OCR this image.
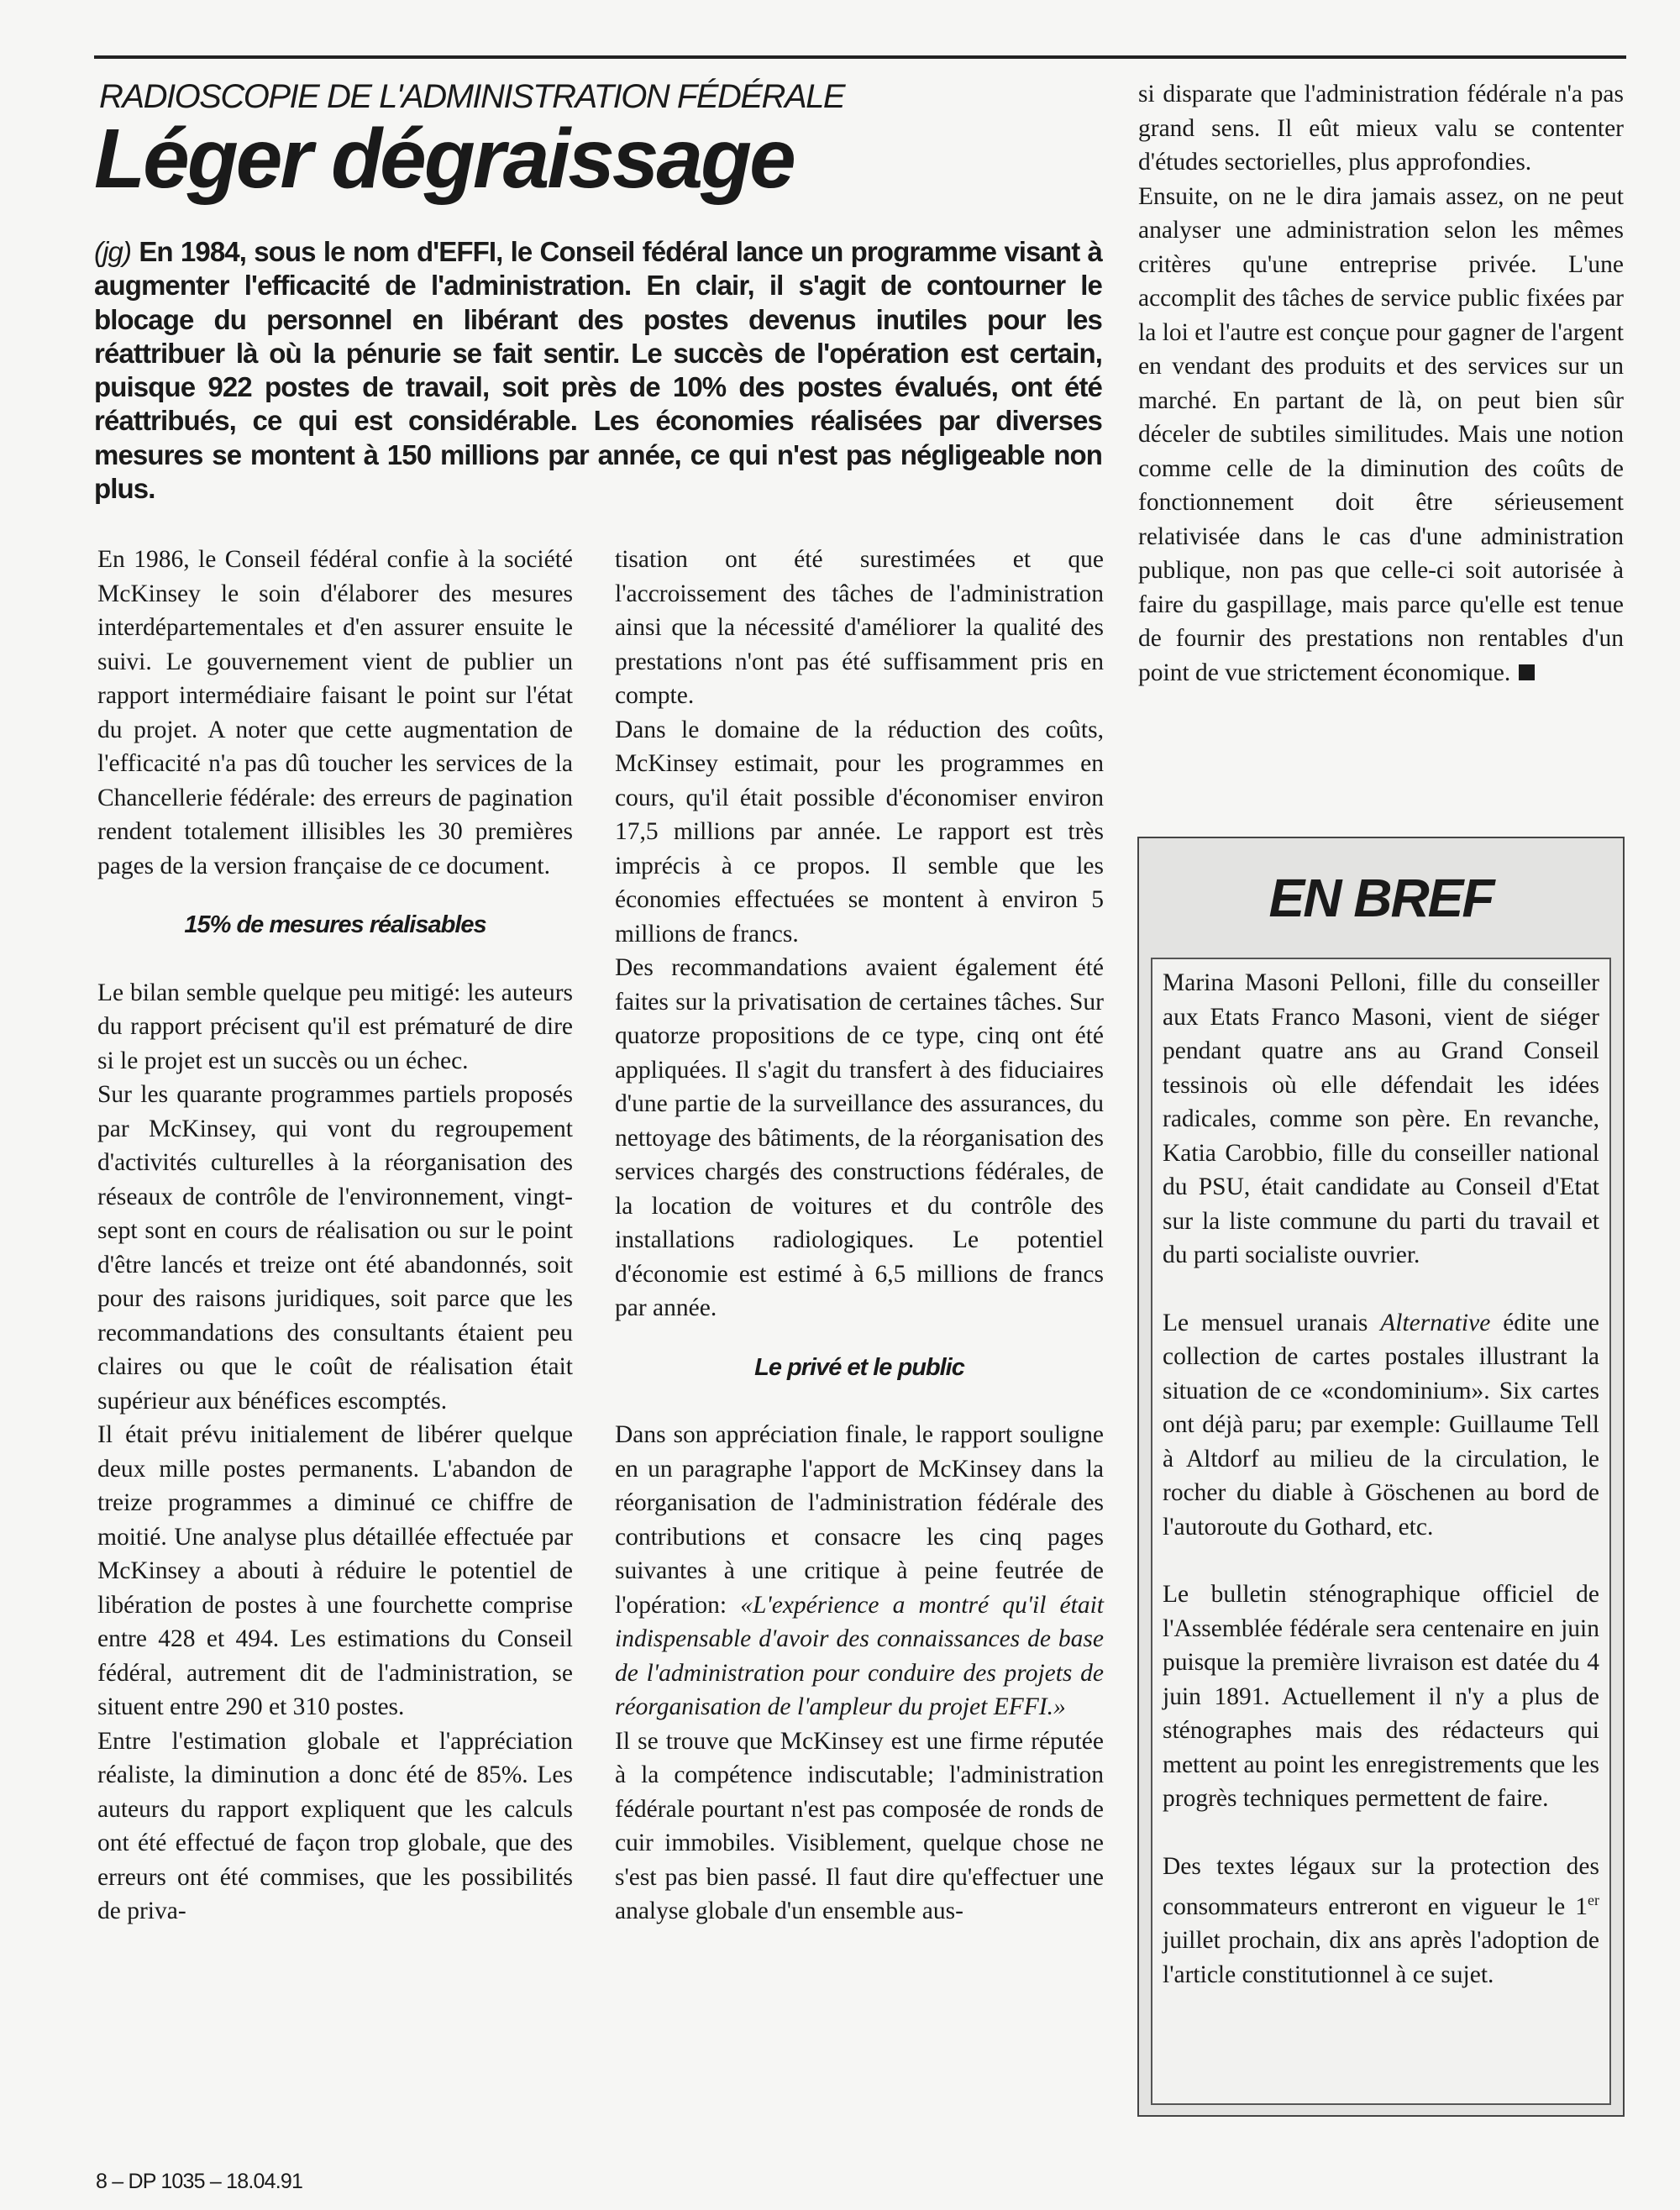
RADIOSCOPIE DE L'ADMINISTRATION FÉDÉRALE
Léger dégraissage

(jg) En 1984, sous le nom d'EFFI, le Conseil fédéral lance un programme visant à augmenter l'efficacité de l'administration. En clair, il s'agit de contourner le blocage du personnel en libérant des postes devenus inutiles pour les réattribuer là où la pénurie se fait sentir. Le succès de l'opération est certain, puisque 922 postes de travail, soit près de 10% des postes évalués, ont été réattribués, ce qui est considérable. Les économies réalisées par diverses mesures se montent à 150 millions par année, ce qui n'est pas négligeable non plus.

En 1986, le Conseil fédéral confie à la société McKinsey le soin d'élaborer des mesures interdépartementales et d'en assurer ensuite le suivi. Le gouvernement vient de publier un rapport intermédiaire faisant le point sur l'état du projet. A noter que cette augmentation de l'efficacité n'a pas dû toucher les services de la Chancellerie fédérale: des erreurs de pagination rendent totalement illisibles les 30 premières pages de la version française de ce document.

15% de mesures réalisables

Le bilan semble quelque peu mitigé: les auteurs du rapport précisent qu'il est prématuré de dire si le projet est un succès ou un échec.

Sur les quarante programmes partiels proposés par McKinsey, qui vont du regroupement d'activités culturelles à la réorganisation des réseaux de contrôle de l'environnement, vingt-sept sont en cours de réalisation ou sur le point d'être lancés et treize ont été abandonnés, soit pour des raisons juridiques, soit parce que les recommandations des consultants étaient peu claires ou que le coût de réalisation était supérieur aux bénéfices escomptés.

Il était prévu initialement de libérer quelque deux mille postes permanents. L'abandon de treize programmes a diminué ce chiffre de moitié. Une analyse plus détaillée effectuée par McKinsey a abouti à réduire le potentiel de libération de postes à une fourchette comprise entre 428 et 494. Les estimations du Conseil fédéral, autrement dit de l'administration, se situent entre 290 et 310 postes.

Entre l'estimation globale et l'appréciation réaliste, la diminution a donc été de 85%. Les auteurs du rapport expliquent que les calculs ont été effectué de façon trop globale, que des erreurs ont été commises, que les possibilités de priva-

tisation ont été surestimées et que l'accroissement des tâches de l'administration ainsi que la nécessité d'améliorer la qualité des prestations n'ont pas été suffisamment pris en compte.

Dans le domaine de la réduction des coûts, McKinsey estimait, pour les programmes en cours, qu'il était possible d'économiser environ 17,5 millions par année. Le rapport est très imprécis à ce propos. Il semble que les économies effectuées se montent à environ 5 millions de francs.

Des recommandations avaient également été faites sur la privatisation de certaines tâches. Sur quatorze propositions de ce type, cinq ont été appliquées. Il s'agit du transfert à des fiduciaires d'une partie de la surveillance des assurances, du nettoyage des bâtiments, de la réorganisation des services chargés des constructions fédérales, de la location de voitures et du contrôle des installations radiologiques. Le potentiel d'économie est estimé à 6,5 millions de francs par année.

Le privé et le public

Dans son appréciation finale, le rapport souligne en un paragraphe l'apport de McKinsey dans la réorganisation de l'administration fédérale des contributions et consacre les cinq pages suivantes à une critique à peine feutrée de l'opération: «L'expérience a montré qu'il était indispensable d'avoir des connaissances de base de l'administration pour conduire des projets de réorganisation de l'ampleur du projet EFFI.»

Il se trouve que McKinsey est une firme réputée à la compétence indiscutable; l'administration fédérale pourtant n'est pas composée de ronds de cuir immobiles. Visiblement, quelque chose ne s'est pas bien passé. Il faut dire qu'effectuer une analyse globale d'un ensemble aus-

si disparate que l'administration fédérale n'a pas grand sens. Il eût mieux valu se contenter d'études sectorielles, plus approfondies.

Ensuite, on ne le dira jamais assez, on ne peut analyser une administration selon les mêmes critères qu'une entreprise privée. L'une accomplit des tâches de service public fixées par la loi et l'autre est conçue pour gagner de l'argent en vendant des produits et des services sur un marché. En partant de là, on peut bien sûr déceler de subtiles similitudes. Mais une notion comme celle de la diminution des coûts de fonctionnement doit être sérieusement relativisée dans le cas d'une administration publique, non pas que celle-ci soit autorisée à faire du gaspillage, mais parce qu'elle est tenue de fournir des prestations non rentables d'un point de vue strictement économique.

EN BREF

Marina Masoni Pelloni, fille du conseiller aux Etats Franco Masoni, vient de siéger pendant quatre ans au Grand Conseil tessinois où elle défendait les idées radicales, comme son père. En revanche, Katia Carobbio, fille du conseiller national du PSU, était candidate au Conseil d'Etat sur la liste commune du parti du travail et du parti socialiste ouvrier.

Le mensuel uranais Alternative édite une collection de cartes postales illustrant la situation de ce «condominium». Six cartes ont déjà paru; par exemple: Guillaume Tell à Altdorf au milieu de la circulation, le rocher du diable à Göschenen au bord de l'autoroute du Gothard, etc.

Le bulletin sténographique officiel de l'Assemblée fédérale sera centenaire en juin puisque la première livraison est datée du 4 juin 1891. Actuellement il n'y a plus de sténographes mais des rédacteurs qui mettent au point les enregistrements que les progrès techniques permettent de faire.

Des textes légaux sur la protection des consommateurs entreront en vigueur le 1er juillet prochain, dix ans après l'adoption de l'article constitutionnel à ce sujet.

8 – DP 1035 – 18.04.91
